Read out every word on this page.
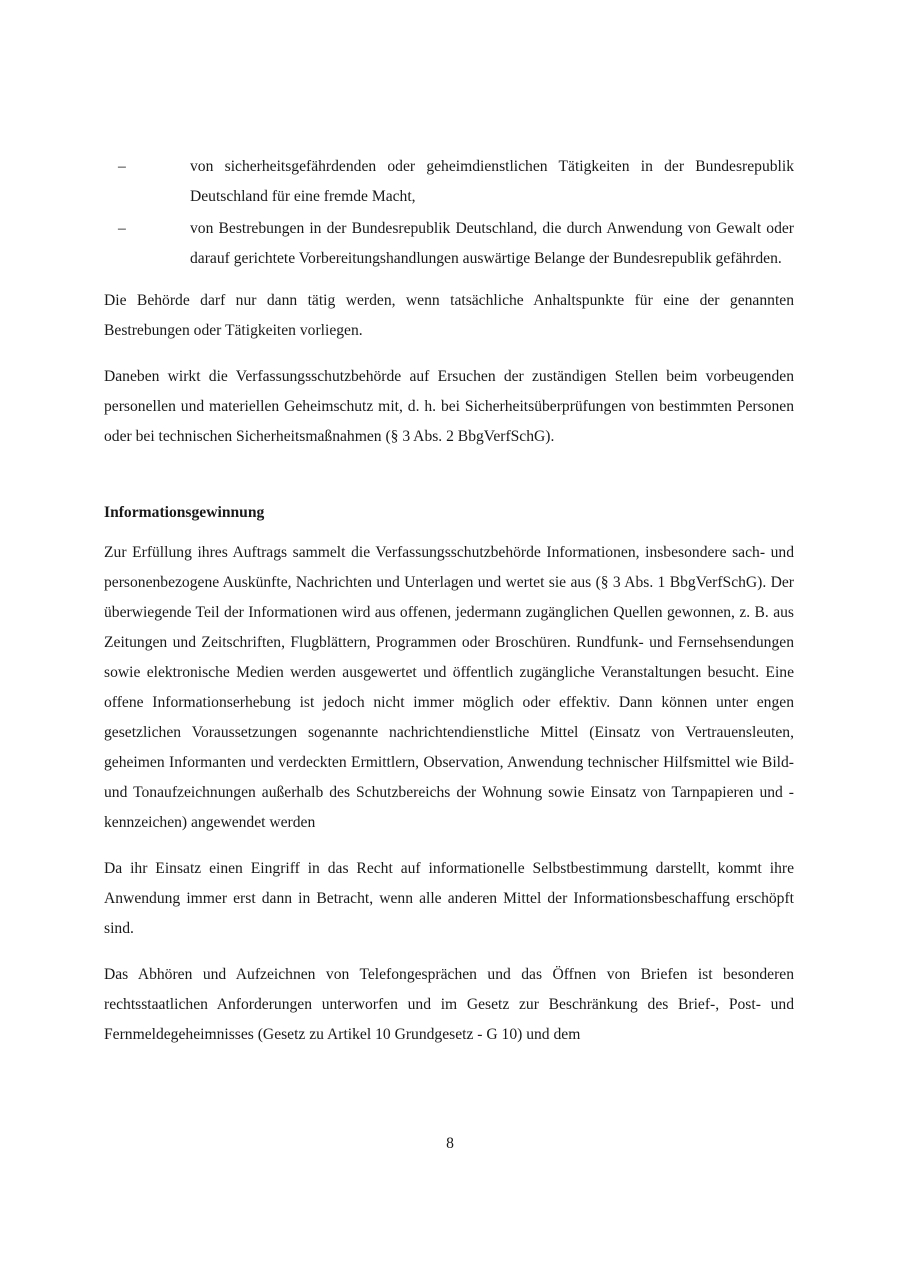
–	von sicherheitsgefährdenden oder geheimdienstlichen Tätigkeiten in der Bundesrepublik Deutschland für eine fremde Macht,
–	von Bestrebungen in der Bundesrepublik Deutschland, die durch Anwendung von Gewalt oder darauf gerichtete Vorbereitungshandlungen auswärtige Belange der Bundesrepublik gefährden.

Die Behörde darf nur dann tätig werden, wenn tatsächliche Anhaltspunkte für eine der genannten Bestrebungen oder Tätigkeiten vorliegen.

Daneben wirkt die Verfassungsschutzbehörde auf Ersuchen der zuständigen Stellen beim vorbeugenden personellen und materiellen Geheimschutz mit, d. h. bei Sicherheitsüberprüfungen von bestimmten Personen oder bei technischen Sicherheitsmaßnahmen (§ 3 Abs. 2 BbgVerfSchG).

Informationsgewinnung

Zur Erfüllung ihres Auftrags sammelt die Verfassungsschutzbehörde Informationen, insbesondere sach- und personenbezogene Auskünfte, Nachrichten und Unterlagen und wertet sie aus (§ 3 Abs. 1 BbgVerfSchG). Der überwiegende Teil der Informationen wird aus offenen, jedermann zugänglichen Quellen gewonnen, z. B. aus Zeitungen und Zeitschriften, Flugblättern, Programmen oder Broschüren. Rundfunk- und Fernsehsendungen sowie elektronische Medien werden ausgewertet und öffentlich zugängliche Veranstaltungen besucht. Eine offene Informationserhebung ist jedoch nicht immer möglich oder effektiv. Dann können unter engen gesetzlichen Voraussetzungen sogenannte nachrichtendienstliche Mittel (Einsatz von Vertrauensleuten, geheimen Informanten und verdeckten Ermittlern, Observation, Anwendung technischer Hilfsmittel wie Bild- und Tonaufzeichnungen außerhalb des Schutzbereichs der Wohnung sowie Einsatz von Tarnpapieren und -kennzeichen) angewendet werden

Da ihr Einsatz einen Eingriff in das Recht auf informationelle Selbstbestimmung darstellt, kommt ihre Anwendung immer erst dann in Betracht, wenn alle anderen Mittel der Informationsbeschaffung erschöpft sind.

Das Abhören und Aufzeichnen von Telefongesprächen und das Öffnen von Briefen ist besonderen rechtsstaatlichen Anforderungen unterworfen und im Gesetz zur Beschränkung des Brief-, Post- und Fernmeldegeheimnisses (Gesetz zu Artikel 10 Grundgesetz - G 10) und dem

8
